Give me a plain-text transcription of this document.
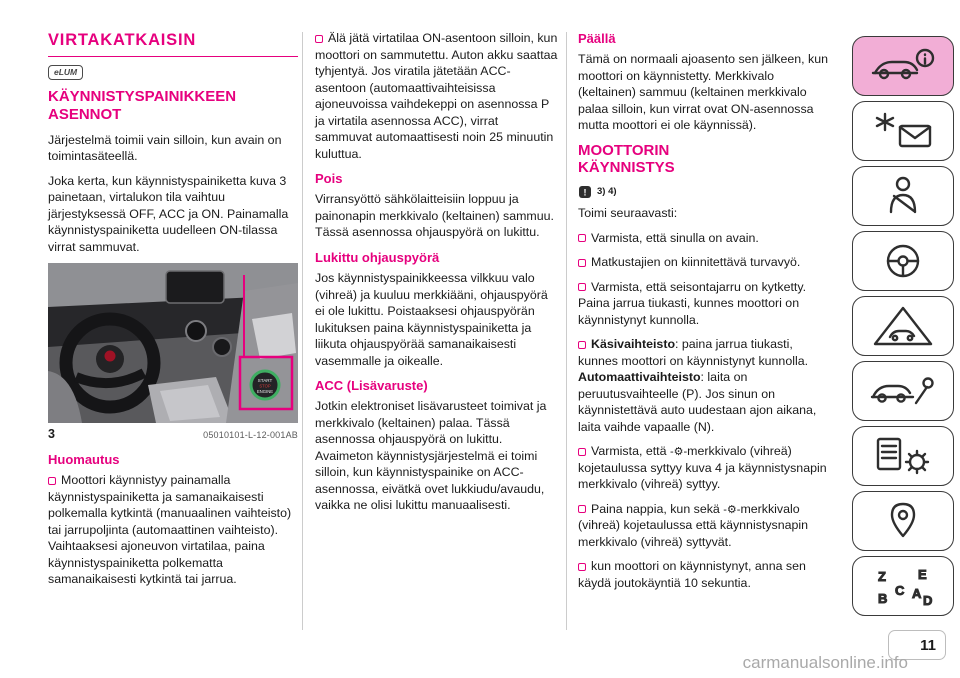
VIRTAKATKAISIN
eLUM
KÄYNNISTYSPAINIKKEEN ASENNOT

Järjestelmä toimii vain silloin, kun avain on toimintasäteellä.

Joka kerta, kun käynnistyspainiketta kuva 3 painetaan, virtalukon tila vaihtuu järjestyksessä OFF, ACC ja ON. Painamalla käynnistyspainiketta uudelleen ON-tilassa virrat sammuvat.

START
STOP
ENGINE
3	05010101-L-12-001AB
Huomautus

Moottori käynnistyy painamalla käynnistyspainiketta ja samanaikaisesti polkemalla kytkintä (manuaalinen vaihteisto) tai jarrupoljinta (automaattinen vaihteisto). Vaihtaaksesi ajoneuvon virtatilaa, paina käynnistyspainiketta polkematta samanaikaisesti kytkintä tai jarrua.

Älä jätä virtatilaa ON-asentoon silloin, kun moottori on sammutettu. Auton akku saattaa tyhjentyä. Jos viratila jätetään ACC-asentoon (automaattivaihteisissa ajoneuvoissa vaihdekeppi on asennossa P ja virtatila asennossa ACC), virrat sammuvat automaattisesti noin 25 minuutin kuluttua.

Pois

Virransyöttö sähkölaitteisiin loppuu ja painonapin merkkivalo (keltainen) sammuu. Tässä asennossa ohjauspyörä on lukittu.

Lukittu ohjauspyörä

Jos käynnistyspainikkeessa vilkkuu valo (vihreä) ja kuuluu merkkiääni, ohjauspyörä ei ole lukittu. Poistaaksesi ohjauspyörän lukituksen paina käynnistyspainiketta ja liikuta ohjauspyörää samanaikaisesti vasemmalle ja oikealle.

ACC (Lisävaruste)

Jotkin elektroniset lisävarusteet toimivat ja merkkivalo (keltainen) palaa. Tässä asennossa ohjauspyörä on lukittu. Avaimeton käynnistysjärjestelmä ei toimi silloin, kun käynnistyspainike on ACC-asennossa, eivätkä ovet lukkiudu/avaudu, vaikka ne olisi lukittu manuaalisesti.

Päällä

Tämä on normaali ajoasento sen jälkeen, kun moottori on käynnistetty. Merkkivalo (keltainen) sammuu (keltainen merkkivalo palaa silloin, kun virrat ovat ON-asennossa mutta moottori ei ole käynnissä).

MOOTTORIN KÄYNNISTYS
! 3) 4)

Toimi seuraavasti:

Varmista, että sinulla on avain.

Matkustajien on kiinnitettävä turvavyö.

Varmista, että seisontajarru on kytketty. Paina jarrua tiukasti, kunnes moottori on käynnistynyt kunnolla.

Käsivaihteisto: paina jarrua tiukasti, kunnes moottori on käynnistynyt kunnolla. Automaattivaihteisto: laita on peruutusvaihteelle (P). Jos sinun on käynnistettävä auto uudestaan ajon aikana, laita vaihde vapaalle (N).

Varmista, että -⚙-merkkivalo (vihreä) kojetaulussa syttyy kuva 4 ja käynnistysnapin merkkivalo (vihreä) syttyy.

Paina nappia, kun sekä -⚙-merkkivalo (vihreä) kojetaulussa että käynnistysnapin merkkivalo (vihreä) syttyvät.

kun moottori on käynnistynyt, anna sen käydä joutokäyntiä 10 sekuntia.	Z E
B
C A D
11
carmanualsonline.info
